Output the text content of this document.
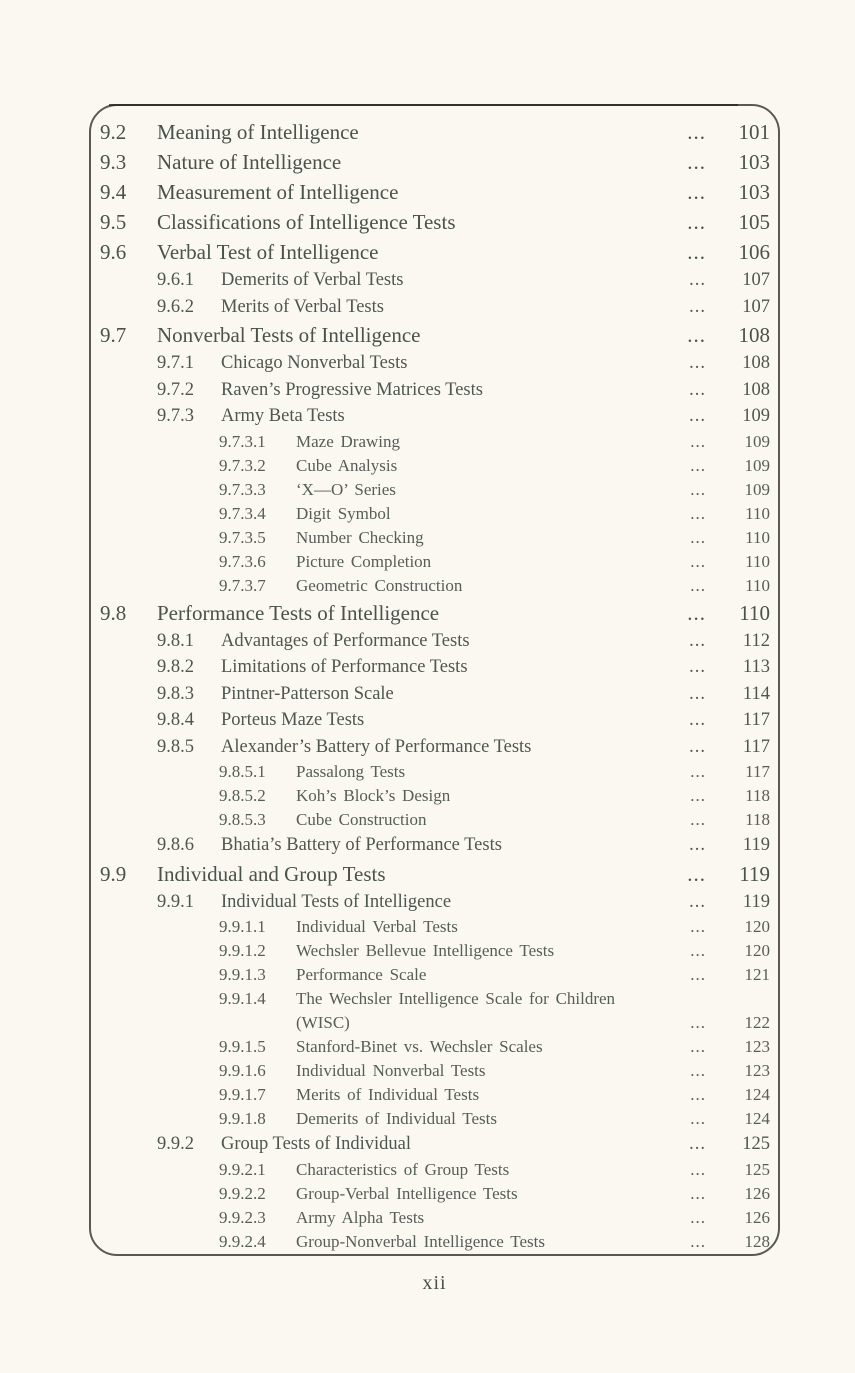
9.2	Meaning of Intelligence	...	101
9.3	Nature of Intelligence	...	103
9.4	Measurement of Intelligence	...	103
9.5	Classifications of Intelligence Tests	...	105
9.6	Verbal Test of Intelligence	...	106
9.6.1	Demerits of Verbal Tests	...	107
9.6.2	Merits of Verbal Tests	...	107
9.7	Nonverbal Tests of Intelligence	...	108
9.7.1	Chicago Nonverbal Tests	...	108
9.7.2	Raven’s Progressive Matrices Tests	...	108
9.7.3	Army Beta Tests	...	109
9.7.3.1	Maze Drawing	...	109
9.7.3.2	Cube Analysis	...	109
9.7.3.3	‘X—O’ Series	...	109
9.7.3.4	Digit Symbol	...	110
9.7.3.5	Number Checking	...	110
9.7.3.6	Picture Completion	...	110
9.7.3.7	Geometric Construction	...	110
9.8	Performance Tests of Intelligence	...	110
9.8.1	Advantages of Performance Tests	...	112
9.8.2	Limitations of Performance Tests	...	113
9.8.3	Pintner-Patterson Scale	...	114
9.8.4	Porteus Maze Tests	...	117
9.8.5	Alexander’s Battery of Performance Tests	...	117
9.8.5.1	Passalong Tests	...	117
9.8.5.2	Koh’s Block’s Design	...	118
9.8.5.3	Cube Construction	...	118
9.8.6	Bhatia’s Battery of Performance Tests	...	119
9.9	Individual and Group Tests	...	119
9.9.1	Individual Tests of Intelligence	...	119
9.9.1.1	Individual Verbal Tests	...	120
9.9.1.2	Wechsler Bellevue Intelligence Tests	...	120
9.9.1.3	Performance Scale	...	121
9.9.1.4	The Wechsler Intelligence Scale for Children
(WISC)	...	122
9.9.1.5	Stanford-Binet vs. Wechsler Scales	...	123
9.9.1.6	Individual Nonverbal Tests	...	123
9.9.1.7	Merits of Individual Tests	...	124
9.9.1.8	Demerits of Individual Tests	...	124
9.9.2	Group Tests of Individual	...	125
9.9.2.1	Characteristics of Group Tests	...	125
9.9.2.2	Group-Verbal Intelligence Tests	...	126
9.9.2.3	Army Alpha Tests	...	126
9.9.2.4	Group-Nonverbal Intelligence Tests	...	128
xii
